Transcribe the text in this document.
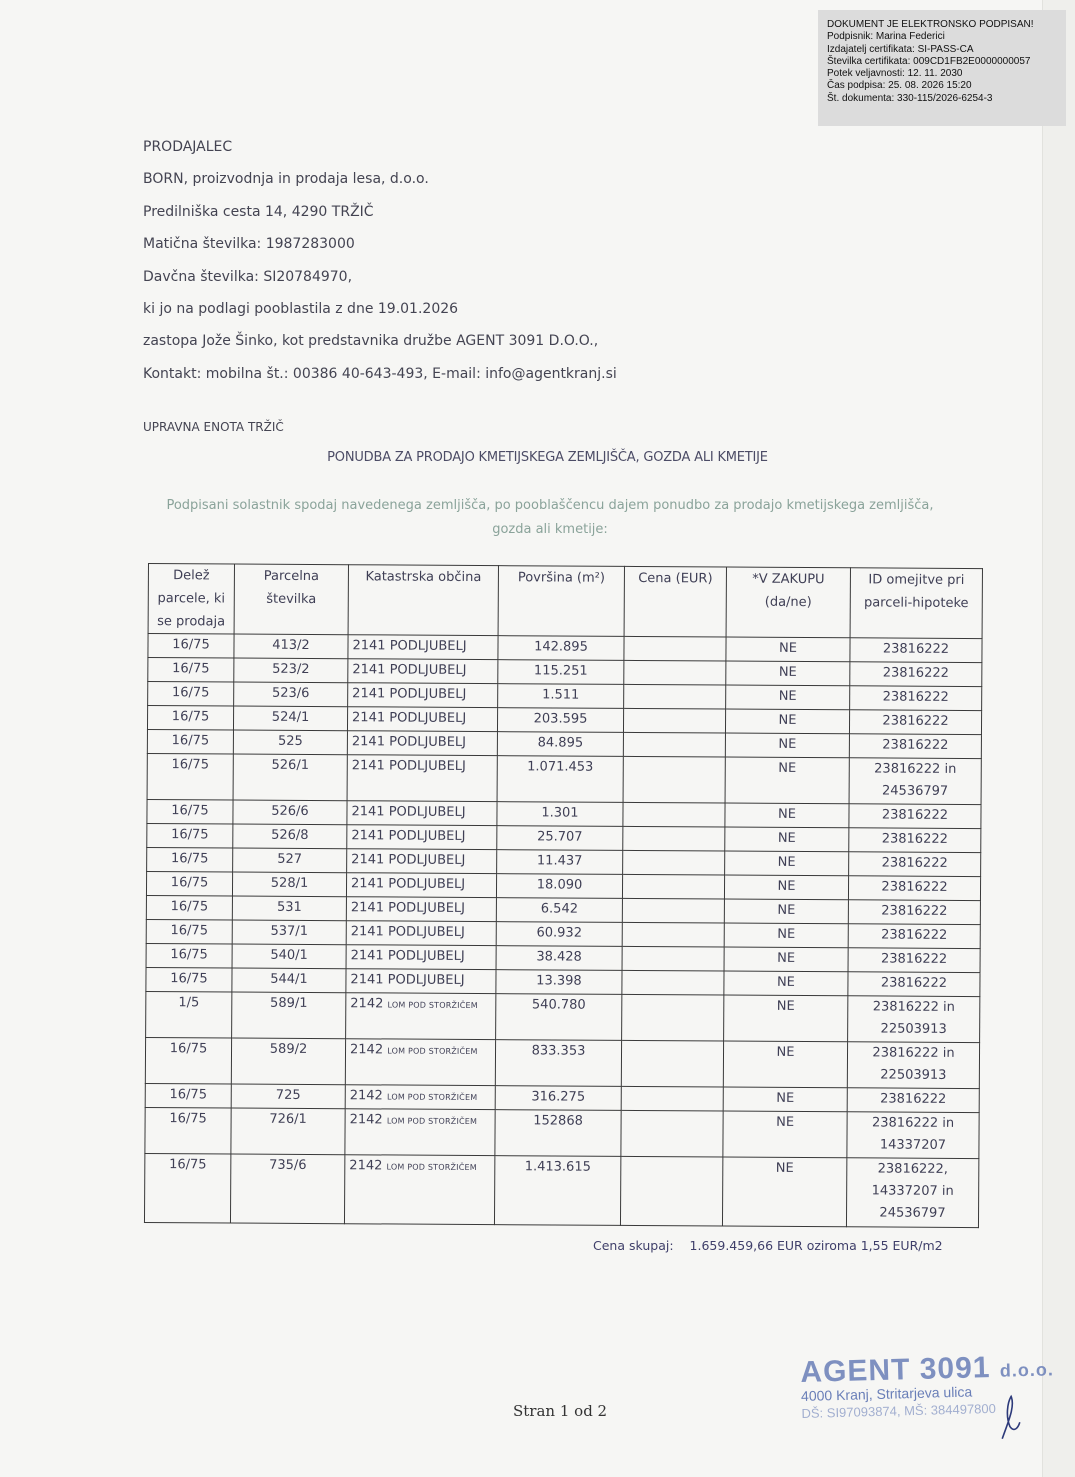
DOKUMENT JE ELEKTRONSKO PODPISAN!
Podpisnik: Marina Federici
Izdajatelj certifikata: SI-PASS-CA
Številka certifikata: 009CD1FB2E0000000057
Potek veljavnosti: 12. 11. 2030
Čas podpisa: 25. 08. 2026 15:20
Št. dokumenta: 330-115/2026-6254-3
PRODAJALEC
BORN, proizvodnja in prodaja lesa, d.o.o.
Predilniška cesta 14, 4290 TRŽIČ
Matična številka: 1987283000
Davčna številka: SI20784970,
ki jo na podlagi pooblastila z dne 19.01.2026
zastopa Jože Šinko, kot predstavnika družbe AGENT 3091 D.O.O.,
Kontakt: mobilna št.: 00386 40-643-493, E-mail: info@agentkranj.si
UPRAVNA ENOTA TRŽIČ
PONUDBA ZA PRODAJO KMETIJSKEGA ZEMLJIŠČA, GOZDA ALI KMETIJE
Podpisani solastnik spodaj navedenega zemljišča, po pooblaščencu dajem ponudbo za prodajo kmetijskega zemljišča,
gozda ali kmetije:
Delež parcele, ki se prodaja	Parcelna številka	Katastrska občina	Površina (m²)	Cena (EUR)	*V ZAKUPU (da/ne)	ID omejitve pri parceli-hipoteke
16/75	413/2	2141 PODLJUBELJ	142.895		NE	23816222
16/75	523/2	2141 PODLJUBELJ	115.251		NE	23816222
16/75	523/6	2141 PODLJUBELJ	1.511		NE	23816222
16/75	524/1	2141 PODLJUBELJ	203.595		NE	23816222
16/75	525	2141 PODLJUBELJ	84.895		NE	23816222
16/75	526/1	2141 PODLJUBELJ	1.071.453		NE	23816222 in 24536797
16/75	526/6	2141 PODLJUBELJ	1.301		NE	23816222
16/75	526/8	2141 PODLJUBELJ	25.707		NE	23816222
16/75	527	2141 PODLJUBELJ	11.437		NE	23816222
16/75	528/1	2141 PODLJUBELJ	18.090		NE	23816222
16/75	531	2141 PODLJUBELJ	6.542		NE	23816222
16/75	537/1	2141 PODLJUBELJ	60.932		NE	23816222
16/75	540/1	2141 PODLJUBELJ	38.428		NE	23816222
16/75	544/1	2141 PODLJUBELJ	13.398		NE	23816222
1/5	589/1	2142 LOM POD STORŽIČEM	540.780		NE	23816222 in 22503913
16/75	589/2	2142 LOM POD STORŽIČEM	833.353		NE	23816222 in 22503913
16/75	725	2142 LOM POD STORŽIČEM	316.275		NE	23816222
16/75	726/1	2142 LOM POD STORŽIČEM	152868		NE	23816222 in 14337207
16/75	735/6	2142 LOM POD STORŽIČEM	1.413.615		NE	23816222, 14337207 in 24536797
Cena skupaj: 1.659.459,66 EUR oziroma 1,55 EUR/m2
Stran 1 od 2
AGENT 3091 d.o.o.
4000 Kranj, Stritarjeva ulica
DŠ: SI97093874, MŠ: 384497800
